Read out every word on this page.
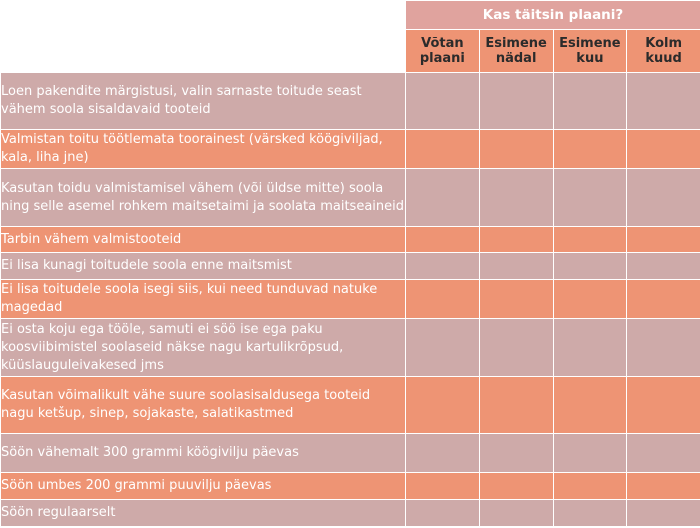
	Kas täitsin plaani?			
	Võtan plaani	Esimene nädal	Esimene kuu	Kolm kuud
Loen pakendite märgistusi, valin sarnaste toitude seast vähem soola sisaldavaid tooteid				
Valmistan toitu töötlemata toorainest (värsked köögiviljad, kala, liha jne)				
Kasutan toidu valmistamisel vähem (või üldse mitte) soola ning selle asemel rohkem maitsetaimi ja soolata maitseaineid				
Tarbin vähem valmistooteid				
Ei lisa kunagi toitudele soola enne maitsmist				
Ei lisa toitudele soola isegi siis, kui need tunduvad natuke magedad				
Ei osta koju ega tööle, samuti ei söö ise ega paku koosviibimistel soolaseid näkse nagu kartulikrõpsud, küüslauguleivakesed jms				
Kasutan võimalikult vähe suure soolasisaldusega tooteid nagu ketšup, sinep, sojakaste, salatikastmed				
Söön vähemalt 300 grammi köögivilju päevas				
Söön umbes 200 grammi puuvilju päevas				
Söön regulaarselt				
